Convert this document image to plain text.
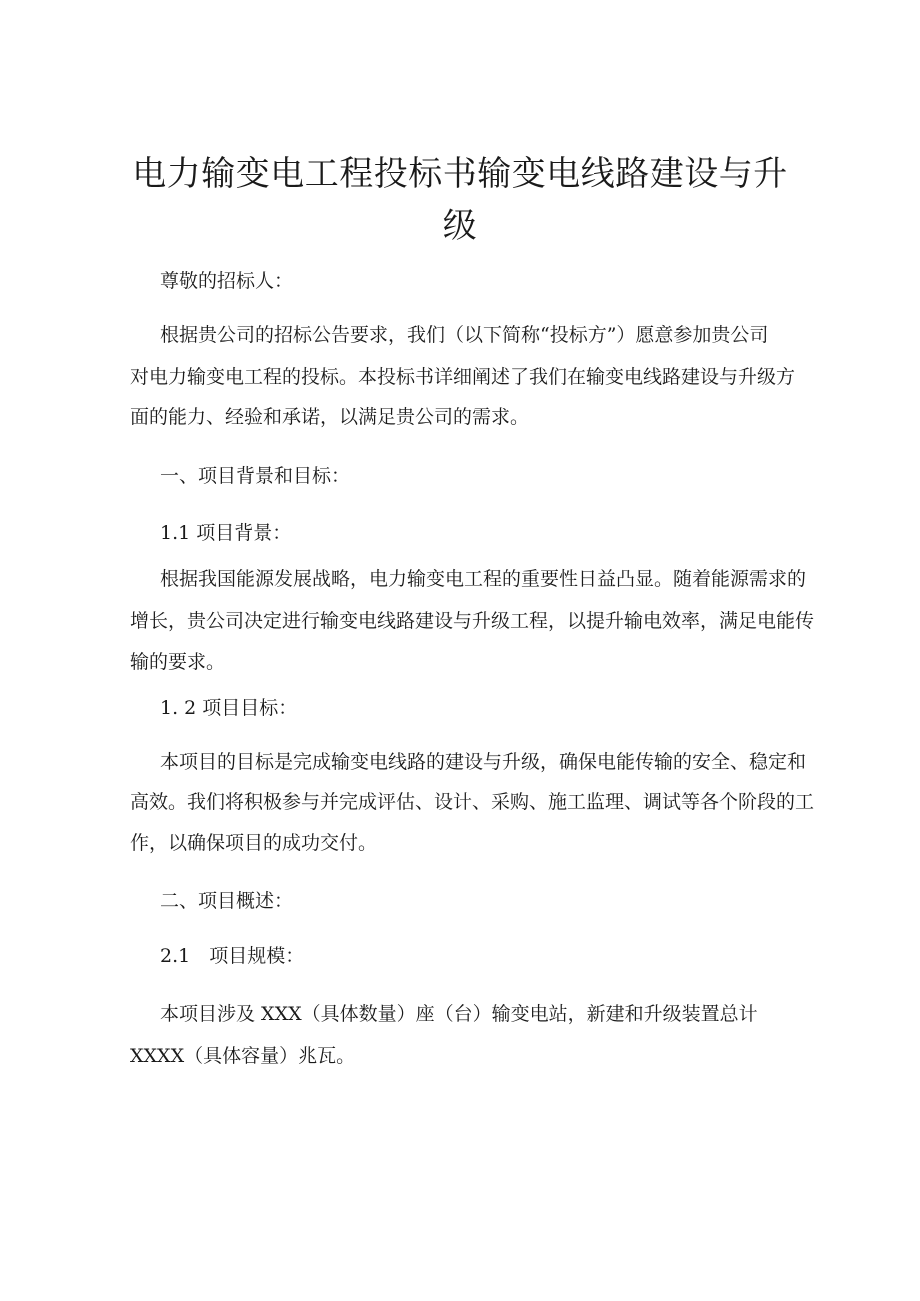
电力输变电工程投标书输变电线路建设与升
级

尊敬的招标人：

根据贵公司的招标公告要求，我们（以下简称“投标方”）愿意参加贵公司

对电力输变电工程的投标。本投标书详细阐述了我们在输变电线路建设与升级方

面的能力、经验和承诺，以满足贵公司的需求。

一、项目背景和目标：

1.1 项目背景：

根据我国能源发展战略，电力输变电工程的重要性日益凸显。随着能源需求的

增长，贵公司决定进行输变电线路建设与升级工程，以提升输电效率，满足电能传

输的要求。

1. 2 项目目标：

本项目的目标是完成输变电线路的建设与升级，确保电能传输的安全、稳定和

高效。我们将积极参与并完成评估、设计、采购、施工监理、调试等各个阶段的工

作，以确保项目的成功交付。

二、项目概述：

2.1　项目规模：

本项目涉及 XXX（具体数量）座（台）输变电站，新建和升级装置总计

XXXX（具体容量）兆瓦。
